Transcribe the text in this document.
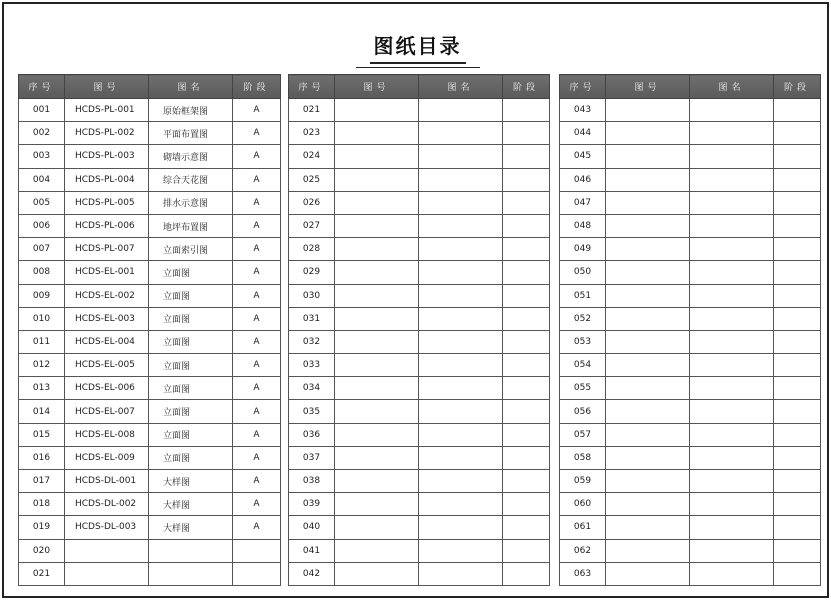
图纸目录
序号	图号	图名	阶段
001	HCDS-PL-001	原始框架图	A
002	HCDS-PL-002	平面布置图	A
003	HCDS-PL-003	砌墙示意图	A
004	HCDS-PL-004	综合天花图	A
005	HCDS-PL-005	排水示意图	A
006	HCDS-PL-006	地坪布置图	A
007	HCDS-PL-007	立面索引图	A
008	HCDS-EL-001	立面图	A
009	HCDS-EL-002	立面图	A
010	HCDS-EL-003	立面图	A
011	HCDS-EL-004	立面图	A
012	HCDS-EL-005	立面图	A
013	HCDS-EL-006	立面图	A
014	HCDS-EL-007	立面图	A
015	HCDS-EL-008	立面图	A
016	HCDS-EL-009	立面图	A
017	HCDS-DL-001	大样图	A
018	HCDS-DL-002	大样图	A
019	HCDS-DL-003	大样图	A
020			
021			
序号	图号	图名	阶段
021			
023			
024			
025			
026			
027			
028			
029			
030			
031			
032			
033			
034			
035			
036			
037			
038			
039			
040			
041			
042			
序号	图号	图名	阶段
043			
044			
045			
046			
047			
048			
049			
050			
051			
052			
053			
054			
055			
056			
057			
058			
059			
060			
061			
062			
063			
